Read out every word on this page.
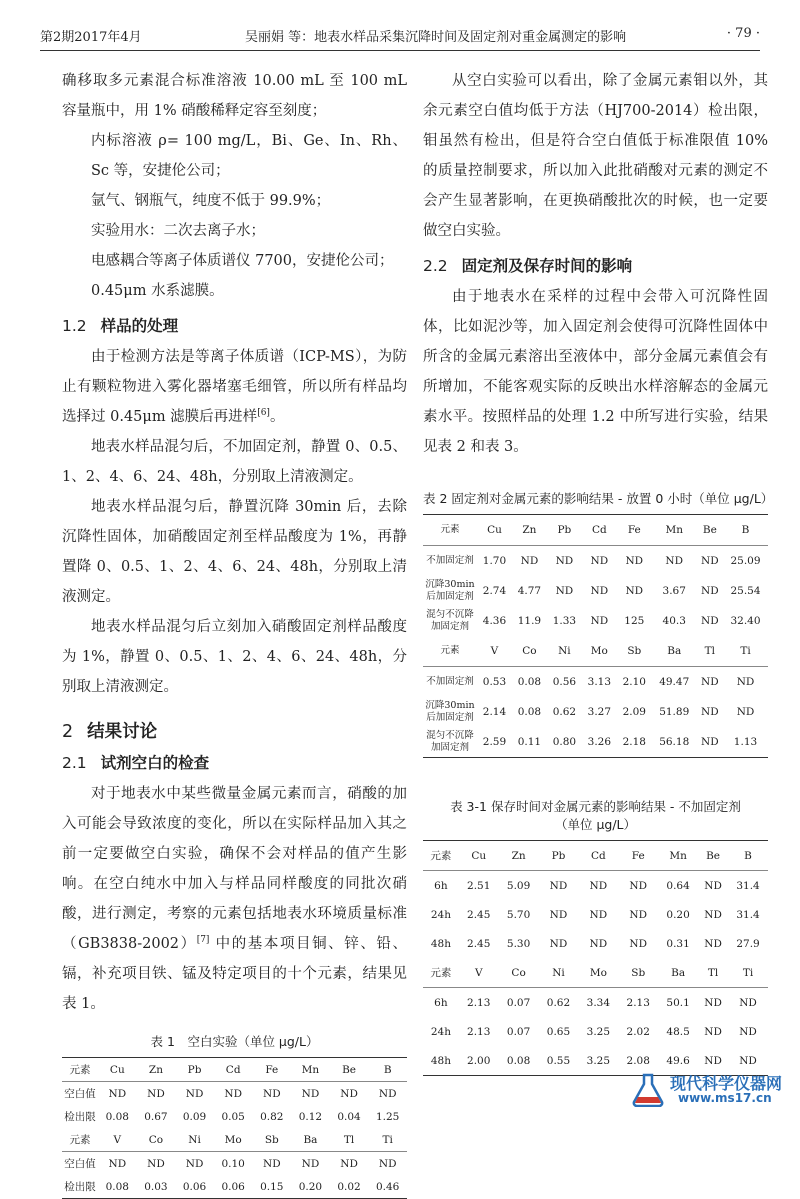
第2期2017年4月	吴丽娟 等：地表水样品采集沉降时间及固定剂对重金属测定的影响	· 79 ·

确移取多元素混合标准溶液 10.00 mL 至 100 mL 容量瓶中，用 1% 硝酸稀释定容至刻度；

内标溶液 ρ= 100 mg/L，Bi、Ge、In、Rh、Sc 等，安捷伦公司；

氩气、钢瓶气，纯度不低于 99.9%；

实验用水：二次去离子水；

电感耦合等离子体质谱仪 7700，安捷伦公司；

0.45μm 水系滤膜。

1.2 样品的处理

由于检测方法是等离子体质谱（ICP-MS），为防止有颗粒物进入雾化器堵塞毛细管，所以所有样品均选择过 0.45μm 滤膜后再进样[6]。

地表水样品混匀后，不加固定剂，静置 0、0.5、1、2、4、6、24、48h，分别取上清液测定。

地表水样品混匀后，静置沉降 30min 后，去除沉降性固体，加硝酸固定剂至样品酸度为 1%，再静置降 0、0.5、1、2、4、6、24、48h，分别取上清液测定。

地表水样品混匀后立刻加入硝酸固定剂样品酸度为 1%，静置 0、0.5、1、2、4、6、24、48h，分别取上清液测定。

2 结果讨论
2.1 试剂空白的检查

对于地表水中某些微量金属元素而言，硝酸的加入可能会导致浓度的变化，所以在实际样品加入其之前一定要做空白实验，确保不会对样品的值产生影响。在空白纯水中加入与样品同样酸度的同批次硝酸，进行测定，考察的元素包括地表水环境质量标准（GB3838-2002）[7] 中的基本项目铜、锌、铅、镉，补充项目铁、锰及特定项目的十个元素，结果见表 1。

表 1　空白实验（单位 μg/L）
元素	Cu	Zn	Pb	Cd	Fe	Mn	Be	B
空白值	ND	ND	ND	ND	ND	ND	ND	ND
检出限	0.08	0.67	0.09	0.05	0.82	0.12	0.04	1.25
元素	V	Co	Ni	Mo	Sb	Ba	Tl	Ti
空白值	ND	ND	ND	0.10	ND	ND	ND	ND
检出限	0.08	0.03	0.06	0.06	0.15	0.20	0.02	0.46

从空白实验可以看出，除了金属元素钼以外，其余元素空白值均低于方法（HJ700-2014）检出限，钼虽然有检出，但是符合空白值低于标准限值 10% 的质量控制要求，所以加入此批硝酸对元素的测定不会产生显著影响，在更换硝酸批次的时候，也一定要做空白实验。

2.2 固定剂及保存时间的影响

由于地表水在采样的过程中会带入可沉降性固体，比如泥沙等，加入固定剂会使得可沉降性固体中所含的金属元素溶出至液体中，部分金属元素值会有所增加，不能客观实际的反映出水样溶解态的金属元素水平。按照样品的处理 1.2 中所写进行实验，结果见表 2 和表 3。

表 2 固定剂对金属元素的影响结果 - 放置 0 小时（单位 μg/L）
元素	Cu	Zn	Pb	Cd	Fe	Mn	Be	B
不加固定剂	1.70	ND	ND	ND	ND	ND	ND	25.09
沉降30min后加固定剂	2.74	4.77	ND	ND	ND	3.67	ND	25.54
混匀不沉降加固定剂	4.36	11.9	1.33	ND	125	40.3	ND	32.40
元素	V	Co	Ni	Mo	Sb	Ba	Tl	Ti
不加固定剂	0.53	0.08	0.56	3.13	2.10	49.47	ND	ND
沉降30min后加固定剂	2.14	0.08	0.62	3.27	2.09	51.89	ND	ND
混匀不沉降加固定剂	2.59	0.11	0.80	3.26	2.18	56.18	ND	1.13
表 3-1 保存时间对金属元素的影响结果 - 不加固定剂
（单位 μg/L）
元素	Cu	Zn	Pb	Cd	Fe	Mn	Be	B
6h	2.51	5.09	ND	ND	ND	0.64	ND	31.4
24h	2.45	5.70	ND	ND	ND	0.20	ND	31.4
48h	2.45	5.30	ND	ND	ND	0.31	ND	27.9
元素	V	Co	Ni	Mo	Sb	Ba	Tl	Ti
6h	2.13	0.07	0.62	3.34	2.13	50.1	ND	ND
24h	2.13	0.07	0.65	3.25	2.02	48.5	ND	ND
48h	2.00	0.08	0.55	3.25	2.08	49.6	ND	ND
现代科学仪器网
www.ms17.cn
